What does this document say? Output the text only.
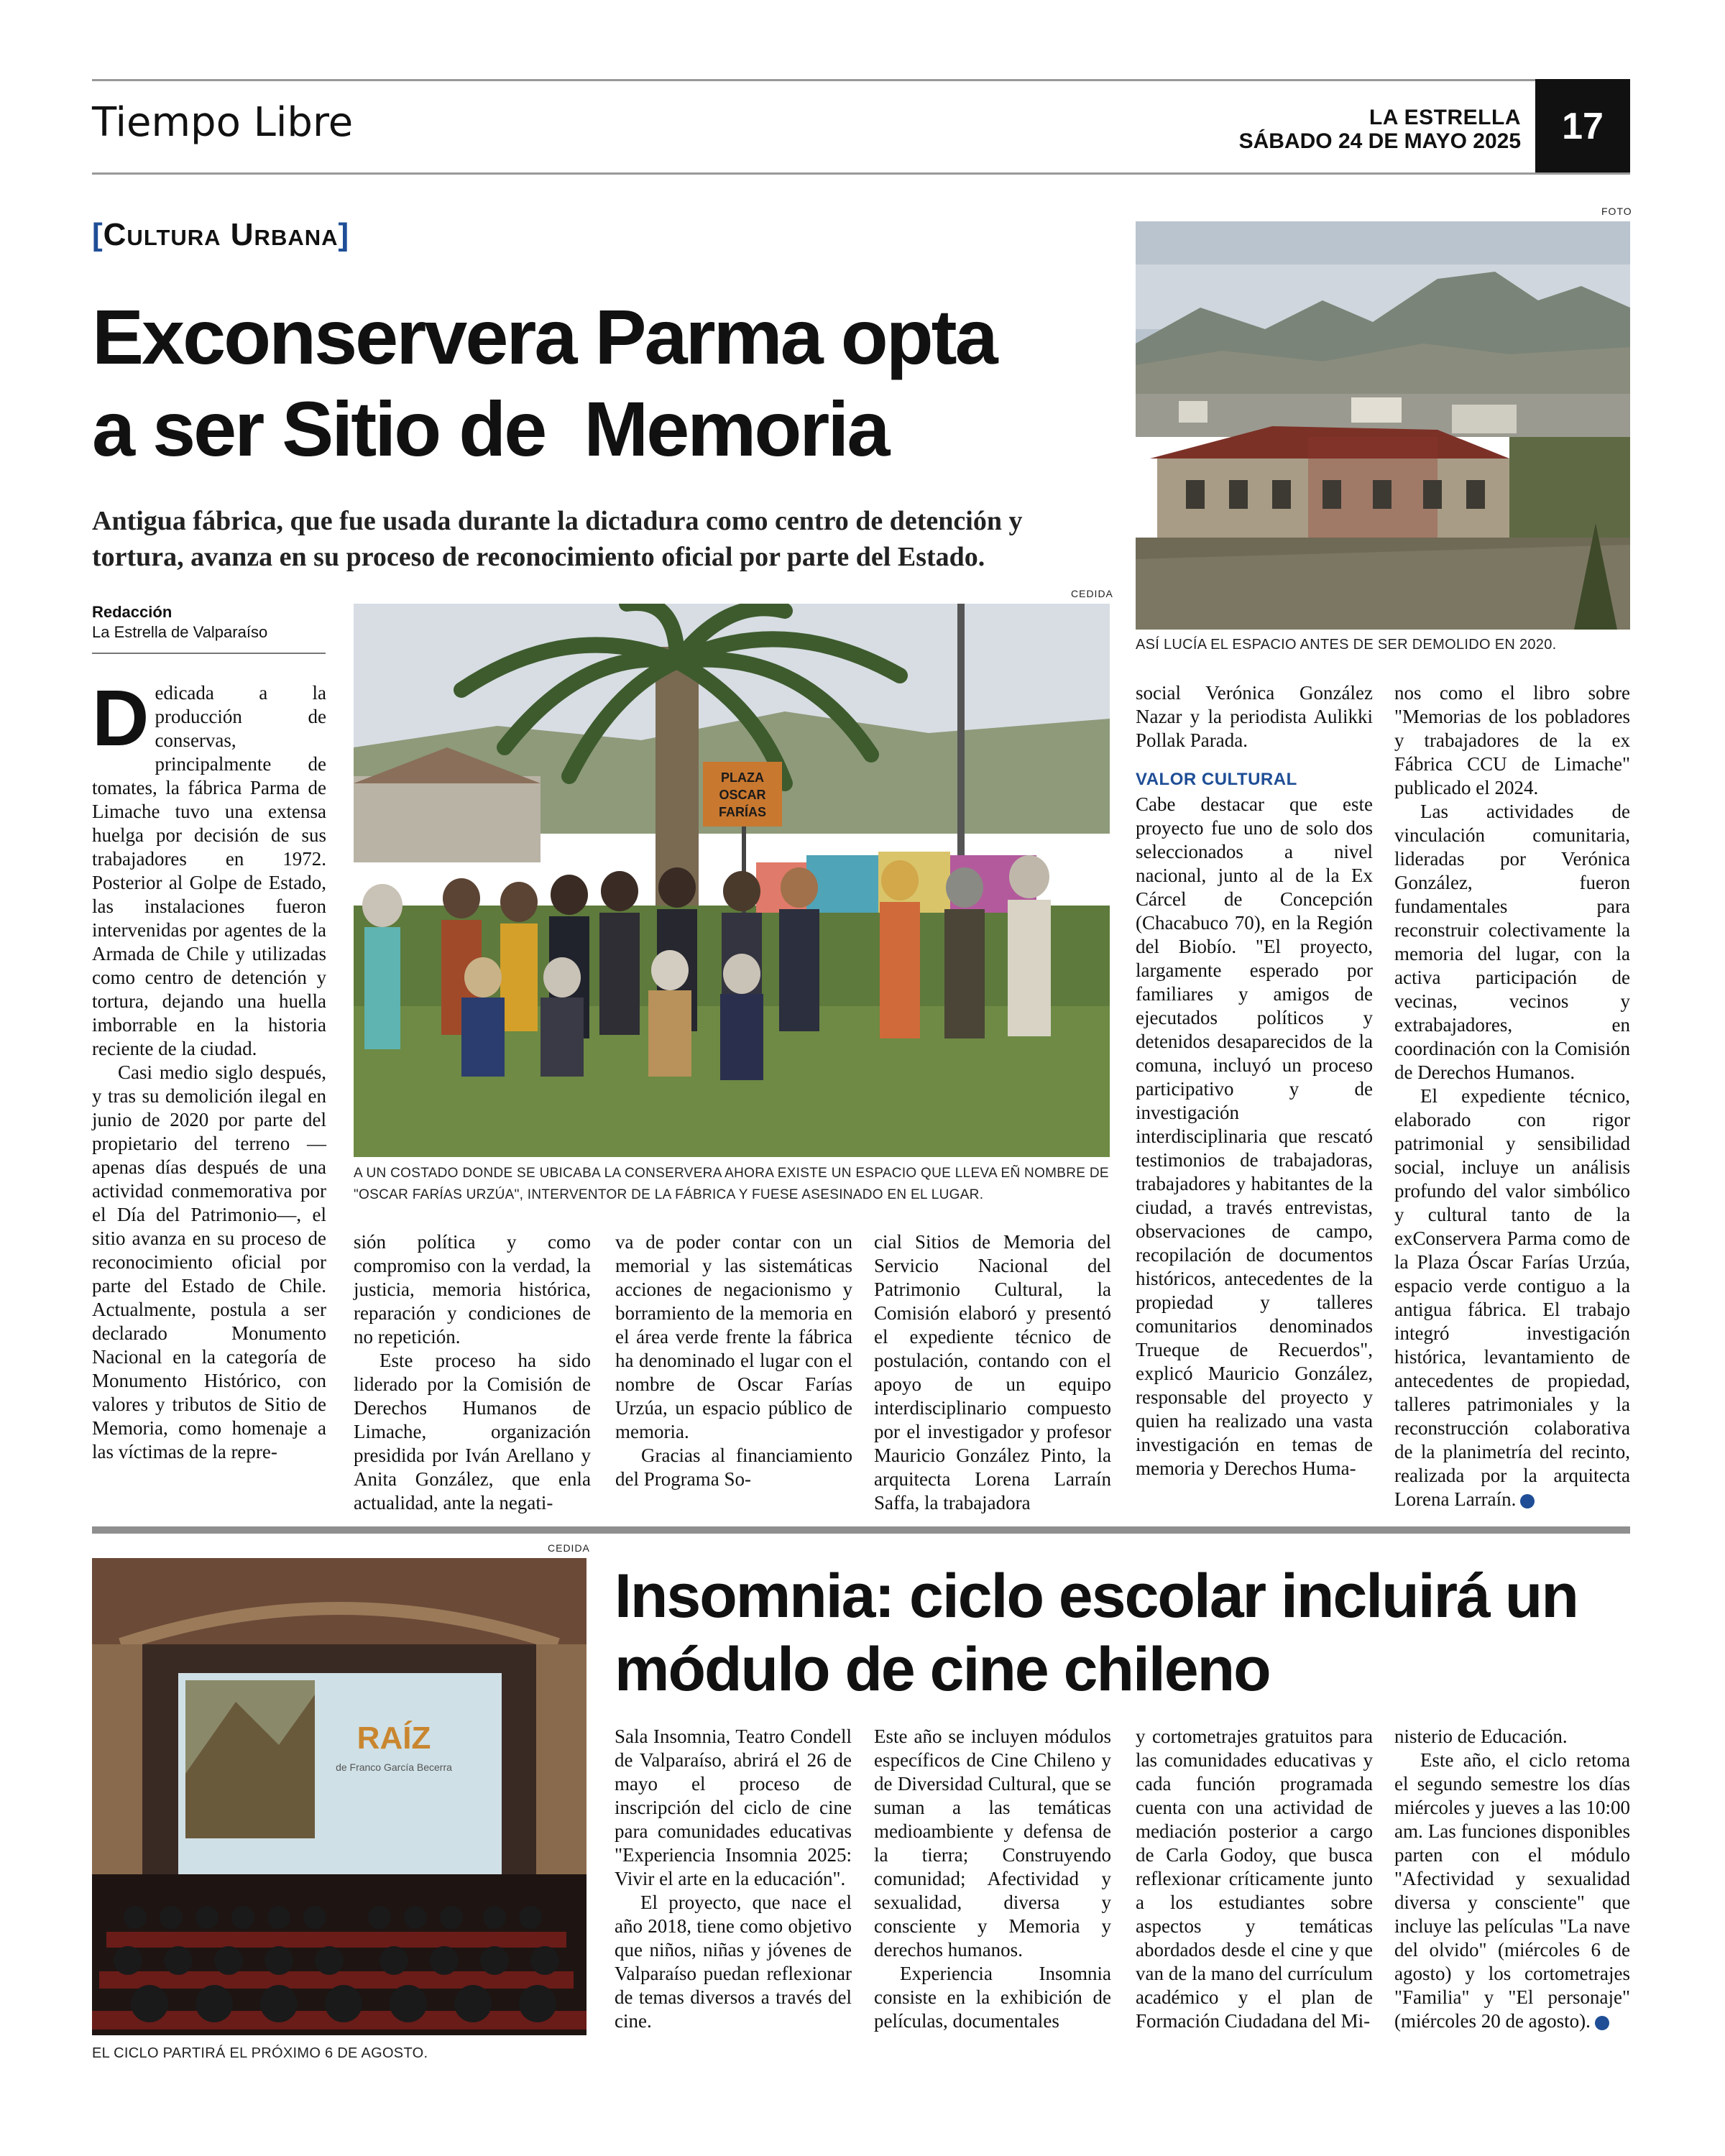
Tiempo Libre	LA ESTRELLA
SÁBADO 24 DE MAYO 2025	17
[Cultura Urbana]
Exconservera Parma opta
a ser Sitio de  Memoria
Antigua fábrica, que fue usada durante la dictadura como centro de detención y tortura, avanza en su proceso de reconocimiento oficial por parte del Estado.
FOTO
ASÍ LUCÍA EL ESPACIO ANTES DE SER DEMOLIDO EN 2020.
CEDIDA
PLAZA
OSCAR
FARÍAS
A UN COSTADO DONDE SE UBICABA LA CONSERVERA AHORA EXISTE UN ESPACIO QUE LLEVA EÑ NOMBRE DE "OSCAR FARÍAS URZÚA", INTERVENTOR DE LA FÁBRICA Y FUESE ASESINADO EN EL LUGAR.
Redacción
La Estrella de Valparaíso

Dedicada a la producción de conservas, principalmente de tomates, la fábrica Parma de Limache tuvo una extensa huelga por decisión de sus trabajadores en 1972. Posterior al Golpe de Estado, las instalaciones fueron intervenidas por agentes de la Armada de Chile y utilizadas como centro de detención y tortura, dejando una huella imborrable en la historia reciente de la ciudad.

Casi medio siglo después, y tras su demolición ilegal en junio de 2020 por parte del propietario del terreno —apenas días después de una actividad conmemorativa por el Día del Patrimonio—, el sitio avanza en su proceso de reconocimiento oficial por parte del Estado de Chile. Actualmente, postula a ser declarado Monumento Nacional en la categoría de Monumento Histórico, con valores y tributos de Sitio de Memoria, como homenaje a las víctimas de la repre-

sión política y como compromiso con la verdad, la justicia, memoria histórica, reparación y condiciones de no repetición.

Este proceso ha sido liderado por la Comisión de Derechos Humanos de Limache, organización presidida por Iván Arellano y Anita González, que enla actualidad, ante la negati-

va de poder contar con un memorial y las sistemáticas acciones de negacionismo y borramiento de la memoria en el área verde frente la fábrica ha denominado el lugar con el nombre de Oscar Farías Urzúa, un espacio público de memoria.

Gracias al financiamiento del Programa So-

cial Sitios de Memoria del Servicio Nacional del Patrimonio Cultural, la Comisión elaboró y presentó el expediente técnico de postulación, contando con el apoyo de un equipo interdisciplinario compuesto por el investigador y profesor Mauricio González Pinto, la arquitecta Lorena Larraín Saffa, la trabajadora

social Verónica González Nazar y la periodista Aulikki Pollak Parada.

VALOR CULTURAL

Cabe destacar que este proyecto fue uno de solo dos seleccionados a nivel nacional, junto al de la Ex Cárcel de Concepción (Chacabuco 70), en la Región del Biobío. "El proyecto, largamente esperado por familiares y amigos de ejecutados políticos y detenidos desaparecidos de la comuna, incluyó un proceso participativo y de investigación interdisciplinaria que rescató testimonios de trabajadoras, trabajadores y habitantes de la ciudad, a través entrevistas, observaciones de campo, recopilación de documentos históricos, antecedentes de la propiedad y talleres comunitarios denominados Trueque de Recuerdos", explicó Mauricio González, responsable del proyecto y quien ha realizado una vasta investigación en temas de memoria y Derechos Huma-

nos como el libro sobre "Memorias de los pobladores y trabajadores de la ex Fábrica CCU de Limache" publicado el 2024.

Las actividades de vinculación comunitaria, lideradas por Verónica González, fueron fundamentales para reconstruir colectivamente la memoria del lugar, con la activa participación de vecinas, vecinos y extrabajadores, en coordinación con la Comisión de Derechos Humanos.

El expediente técnico, elaborado con rigor patrimonial y sensibilidad social, incluye un análisis profundo del valor simbólico y cultural tanto de la exConservera Parma como de la Plaza Óscar Farías Urzúa, espacio verde contiguo a la antigua fábrica. El trabajo integró investigación histórica, levantamiento de antecedentes de propiedad, talleres patrimoniales y la reconstrucción colaborativa de la planimetría del recinto, realizada por la arquitecta Lorena Larraín.	✓

CEDIDA
RAÍZ
de Franco García Becerra
EL CICLO PARTIRÁ EL PRÓXIMO 6 DE AGOSTO.
Insomnia: ciclo escolar incluirá un
módulo de cine chileno

Sala Insomnia, Teatro Condell de Valparaíso, abrirá el 26 de mayo el proceso de inscripción del ciclo de cine para comunidades educativas "Experiencia Insomnia 2025: Vivir el arte en la educación".

El proyecto, que nace el año 2018, tiene como objetivo que niños, niñas y jóvenes de Valparaíso puedan reflexionar de temas diversos a través del cine.

Este año se incluyen módulos específicos de Cine Chileno y de Diversidad Cultural, que se suman a las temáticas medioambiente y defensa de la tierra; Construyendo comunidad; Afectividad y sexualidad, diversa y consciente y Memoria y derechos humanos.

Experiencia Insomnia consiste en la exhibición de películas, documentales

y cortometrajes gratuitos para las comunidades educativas y cada función programada cuenta con una actividad de mediación posterior a cargo de Carla Godoy, que busca reflexionar críticamente junto a los estudiantes sobre aspectos y temáticas abordados desde el cine y que van de la mano del currículum académico y el plan de Formación Ciudadana del Mi-

nisterio de Educación.

Este año, el ciclo retoma el segundo semestre los días miércoles y jueves a las 10:00 am. Las funciones disponibles parten con el módulo "Afectividad y sexualidad diversa y consciente" que incluye las películas "La nave del olvido" (miércoles 6 de agosto) y los cortometrajes "Familia" y "El personaje" (miércoles 20 de agosto).	✓
